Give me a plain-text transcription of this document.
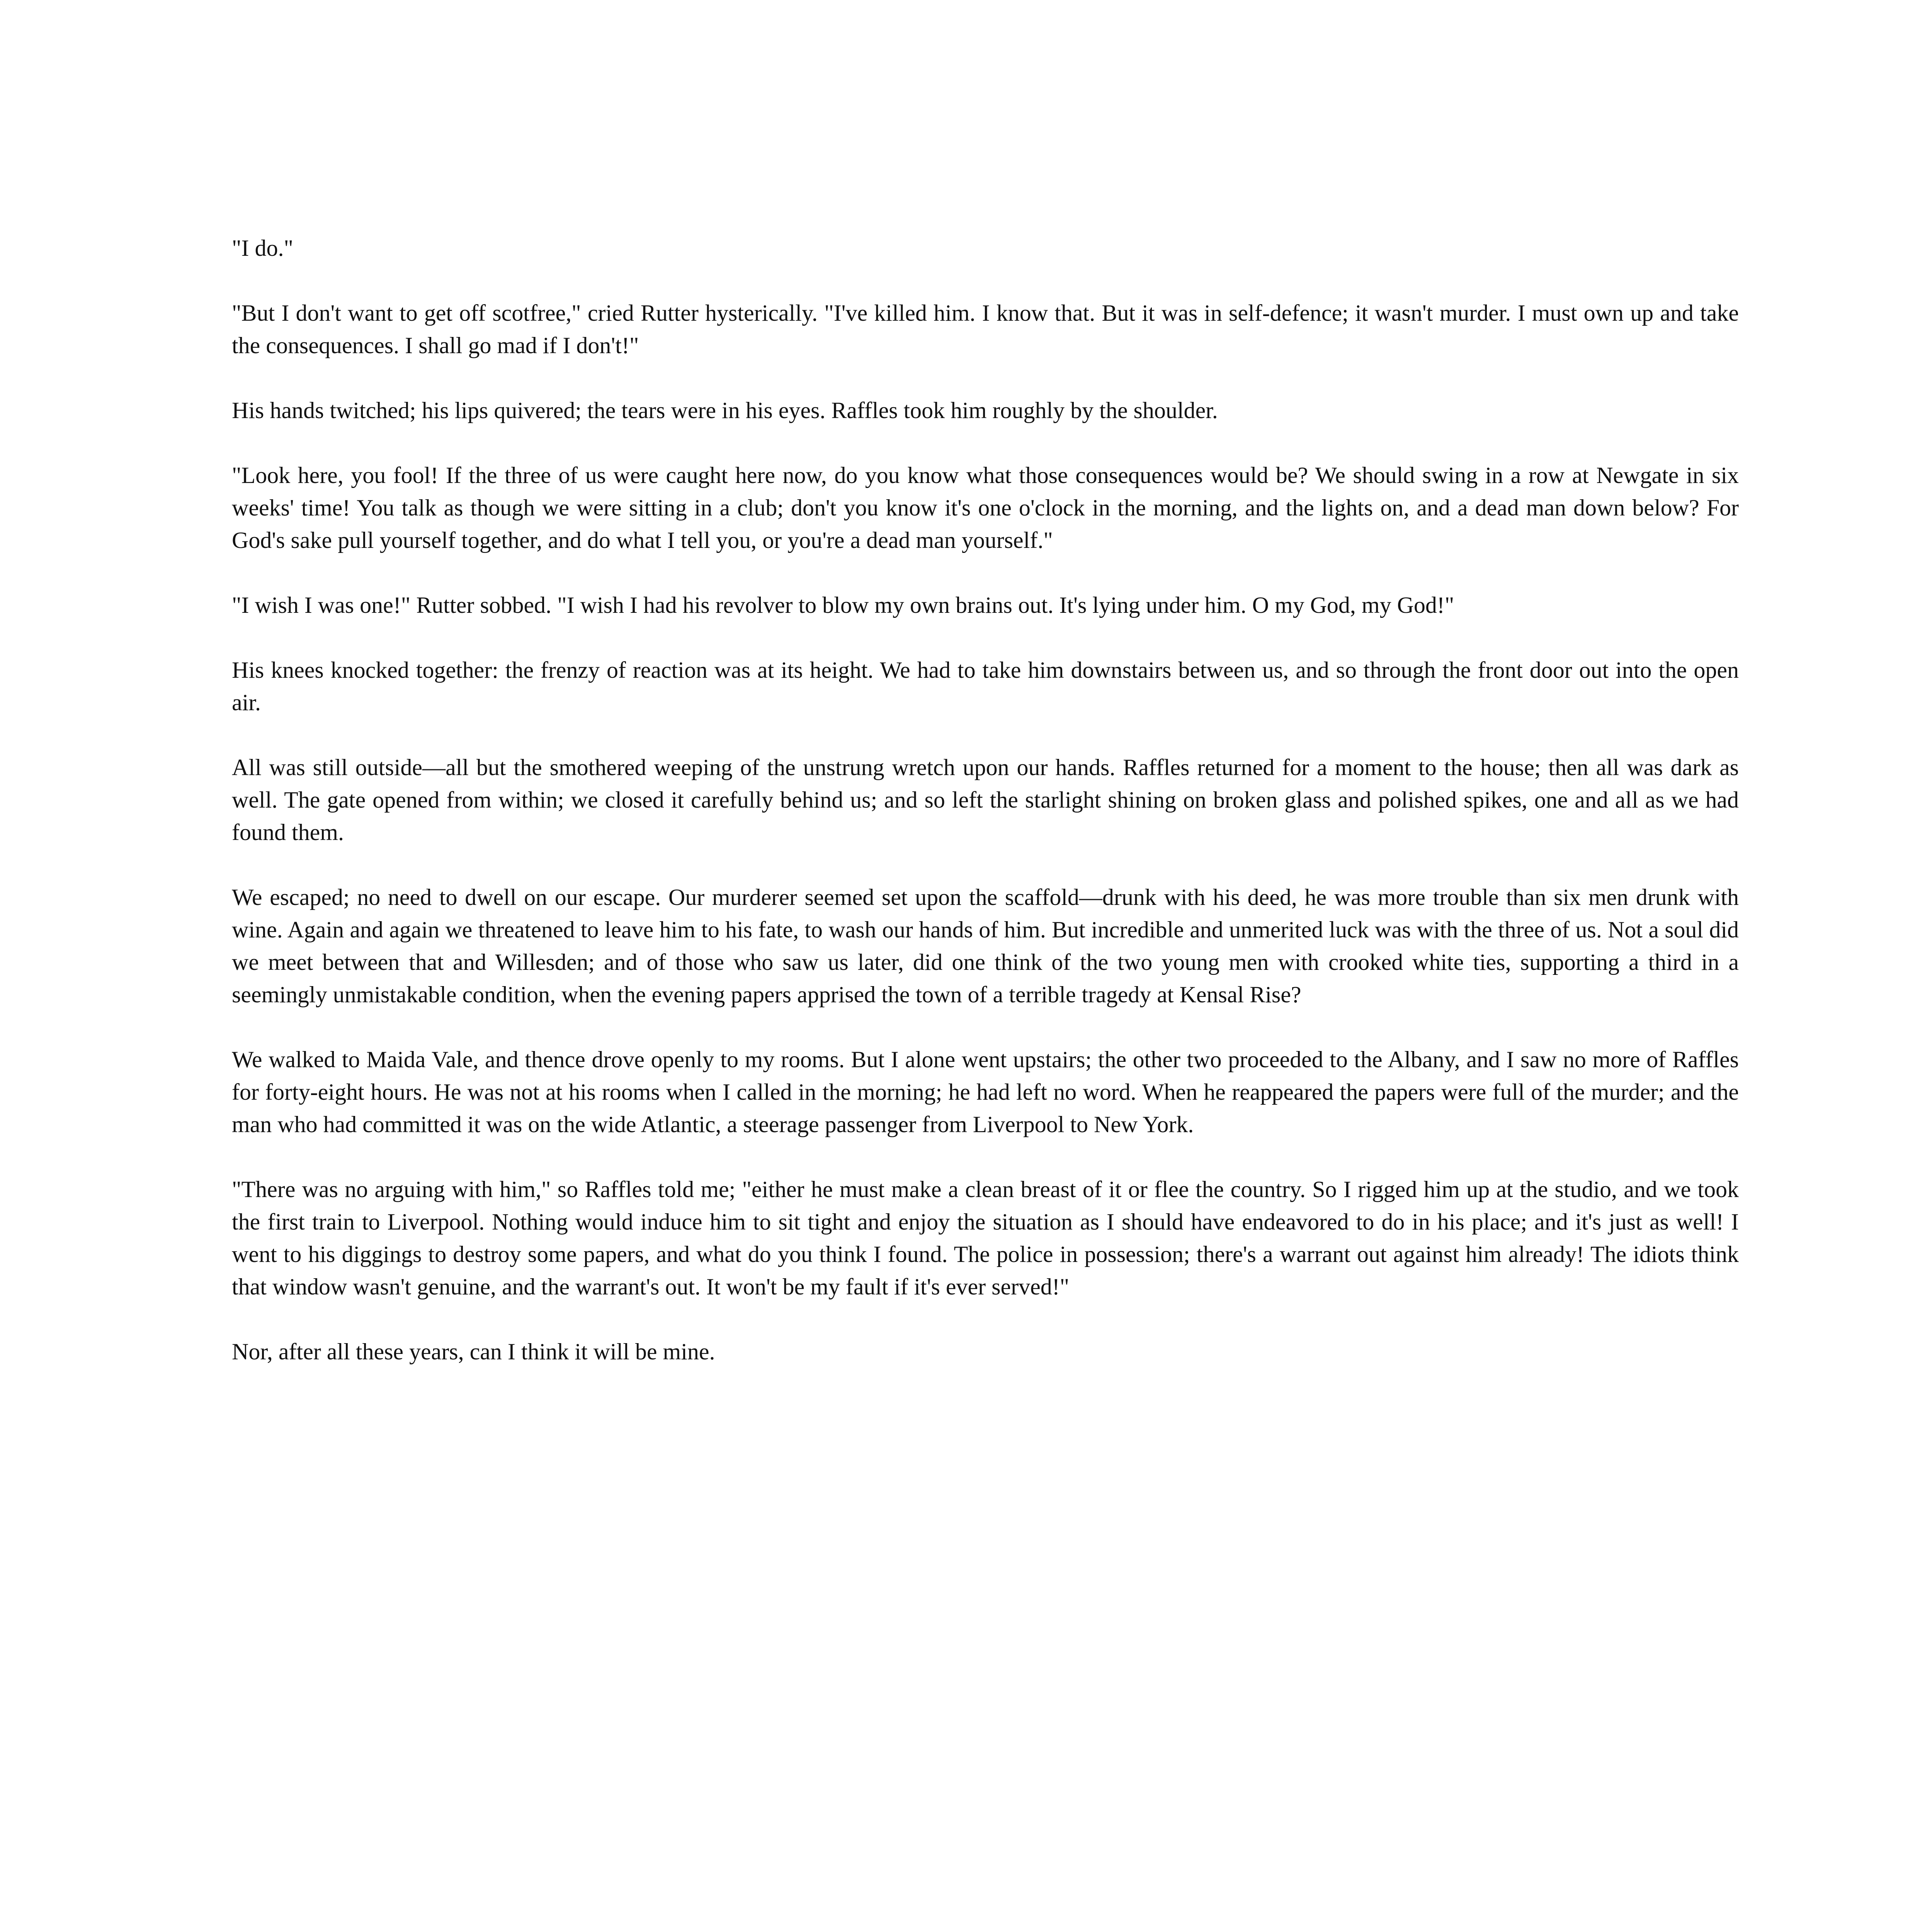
"I do."

"But I don't want to get off scotfree," cried Rutter hysterically. "I've killed him. I know that. But it was in self-defence; it wasn't murder. I must own up and take the consequences. I shall go mad if I don't!"

His hands twitched; his lips quivered; the tears were in his eyes. Raffles took him roughly by the shoulder.

"Look here, you fool! If the three of us were caught here now, do you know what those consequences would be? We should swing in a row at Newgate in six weeks' time! You talk as though we were sitting in a club; don't you know it's one o'clock in the morning, and the lights on, and a dead man down below? For God's sake pull yourself together, and do what I tell you, or you're a dead man yourself."

"I wish I was one!" Rutter sobbed. "I wish I had his revolver to blow my own brains out. It's lying under him. O my God, my God!"

His knees knocked together: the frenzy of reaction was at its height. We had to take him downstairs between us, and so through the front door out into the open air.

All was still outside—all but the smothered weeping of the unstrung wretch upon our hands. Raffles returned for a moment to the house; then all was dark as well. The gate opened from within; we closed it carefully behind us; and so left the starlight shining on broken glass and polished spikes, one and all as we had found them.

We escaped; no need to dwell on our escape. Our murderer seemed set upon the scaffold—drunk with his deed, he was more trouble than six men drunk with wine. Again and again we threatened to leave him to his fate, to wash our hands of him. But incredible and unmerited luck was with the three of us. Not a soul did we meet between that and Willesden; and of those who saw us later, did one think of the two young men with crooked white ties, supporting a third in a seemingly unmistakable condition, when the evening papers apprised the town of a terrible tragedy at Kensal Rise?

We walked to Maida Vale, and thence drove openly to my rooms. But I alone went upstairs; the other two proceeded to the Albany, and I saw no more of Raffles for forty-eight hours. He was not at his rooms when I called in the morning; he had left no word. When he reappeared the papers were full of the murder; and the man who had committed it was on the wide Atlantic, a steerage passenger from Liverpool to New York.

"There was no arguing with him," so Raffles told me; "either he must make a clean breast of it or flee the country. So I rigged him up at the studio, and we took the first train to Liverpool. Nothing would induce him to sit tight and enjoy the situation as I should have endeavored to do in his place; and it's just as well! I went to his diggings to destroy some papers, and what do you think I found. The police in possession; there's a warrant out against him already! The idiots think that window wasn't genuine, and the warrant's out. It won't be my fault if it's ever served!"

Nor, after all these years, can I think it will be mine.
